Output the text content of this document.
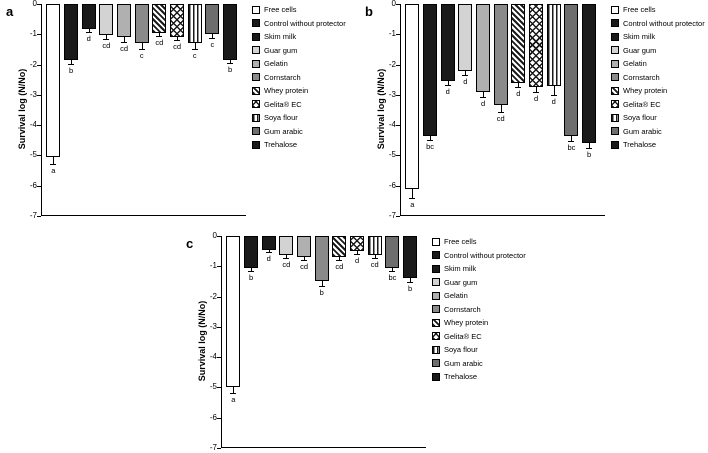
a
Survival log (N/No)
0
-1
-2
-3
-4
-5
-6
-7
a
b
d
cd	cd
c
cd	cd
c
c
b
Free cells
Control without protector
Skim milk
Guar gum
Gelatin
Cornstarch
Whey protein
Gelita® EC
Soya flour
Gum arabic
Trehalose
b
Survival log (N/No)
0
-1
-2
-3
-4
-5
-6
-7
a
bc
d
d
d
cd
d
d	d
bc
b
Free cells
Control without protector
Skim milk
Guar gum
Gelatin
Cornstarch
Whey protein
Gelita® EC
Soya flour
Gum arabic
Trehalose
c
Survival log (N/No)
0
-1
-2
-3
-4
-5
-6
-7
a
b
d
cd	cd
b
cd
d	cd
bc
b
Free cells
Control without protector
Skim milk
Guar gum
Gelatin
Cornstarch
Whey protein
Gelita® EC
Soya flour
Gum arabic
Trehalose
